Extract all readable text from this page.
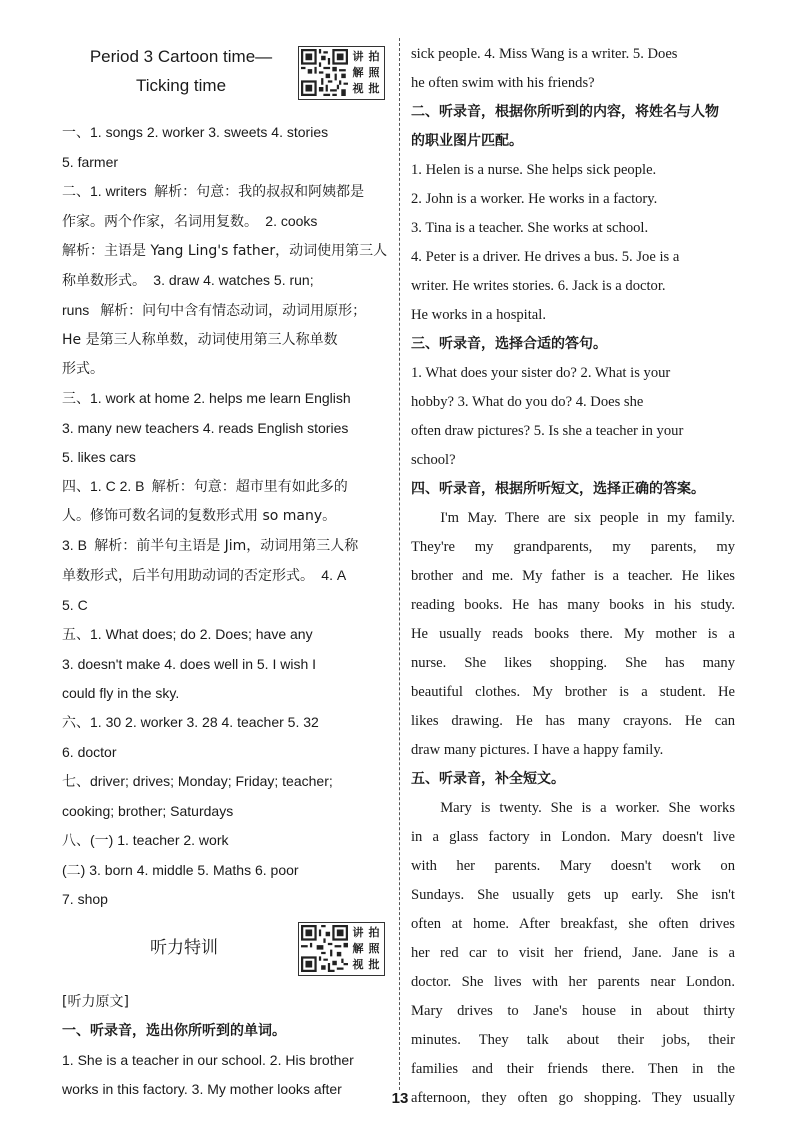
Period 3 Cartoon time—
Ticking time
讲
解
视
拍
照
批
一、1. songs 2. worker 3. sweets 4. stories
5. farmer
二、1. writers 解析：句意：我的叔叔和阿姨都是
作家。两个作家，名词用复数。 2. cooks
解析：主语是 Yang Ling's father，动词使用第三人
称单数形式。 3. draw 4. watches 5. run;
runs 解析：问句中含有情态动词，动词用原形；
He 是第三人称单数，动词使用第三人称单数
形式。
三、1. work at home 2. helps me learn English
3. many new teachers 4. reads English stories
5. likes cars
四、1. C 2. B 解析：句意：超市里有如此多的
人。修饰可数名词的复数形式用 so many。
3. B 解析：前半句主语是 Jim，动词用第三人称
单数形式，后半句用助动词的否定形式。 4. A
5. C
五、1. What does; do 2. Does; have any
3. doesn't make 4. does well in 5. I wish I
could fly in the sky.
六、1. 30 2. worker 3. 28 4. teacher 5. 32
6. doctor
七、driver; drives; Monday; Friday; teacher;
cooking; brother; Saturdays
八、(一) 1. teacher 2. work
(二) 3. born 4. middle 5. Maths 6. poor
7. shop
听力特训
讲
解
视
拍
照
批
[听力原文]
一、听录音，选出你所听到的单词。
1. She is a teacher in our school. 2. His brother
works in this factory. 3. My mother looks after
sick people. 4. Miss Wang is a writer. 5. Does
he often swim with his friends?
二、听录音，根据你所听到的内容，将姓名与人物
的职业图片匹配。
1. Helen is a nurse. She helps sick people.
2. John is a worker. He works in a factory.
3. Tina is a teacher. She works at school.
4. Peter is a driver. He drives a bus. 5. Joe is a
writer. He writes stories. 6. Jack is a doctor.
He works in a hospital.
三、听录音，选择合适的答句。
1. What does your sister do? 2. What is your
hobby? 3. What do you do? 4. Does she
often draw pictures? 5. Is she a teacher in your
school?
四、听录音，根据所听短文，选择正确的答案。
I'm May. There are six people in my family.
They're my grandparents, my parents, my
brother and me. My father is a teacher. He likes
reading books. He has many books in his study.
He usually reads books there. My mother is a
nurse. She likes shopping. She has many
beautiful clothes. My brother is a student. He
likes drawing. He has many crayons. He can
draw many pictures. I have a happy family.
五、听录音，补全短文。
Mary is twenty. She is a worker. She works
in a glass factory in London. Mary doesn't live
with her parents. Mary doesn't work on
Sundays. She usually gets up early. She isn't
often at home. After breakfast, she often drives
her red car to visit her friend, Jane. Jane is a
doctor. She lives with her parents near London.
Mary drives to Jane's house in about thirty
minutes. They talk about their jobs, their
families and their friends there. Then in the
afternoon, they often go shopping. They usually
13
